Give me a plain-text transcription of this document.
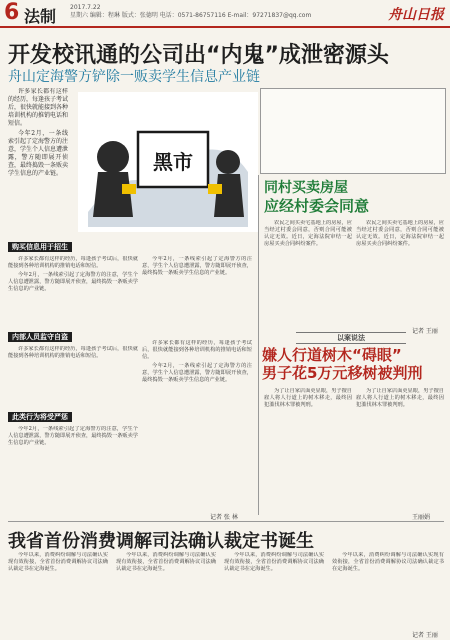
6 法制 2017.7.22
星期六 编辑：程琳 版式：张德明 电话：0571-86757116 E-mail：97271837@qq.com	舟山日报
开发校讯通的公司出“内鬼”成泄密源头
舟山定海警方铲除一贩卖学生信息产业链

许多家长都有这样的经历，每逢孩子考试后，很快就能接到各种培训机构的推销电话和短信。

今年2月，一条线索引起了定海警方的注意，学生个人信息遭泄露，警方随即展开侦查，最终捣毁一条贩卖学生信息的产业链。	黑市
购买信息用于招生

许多家长都有这样的经历，每逢孩子考试后，很快就能接到各种培训机构的推销电话和短信。

今年2月，一条线索引起了定海警方的注意，学生个人信息遭泄露，警方随即展开侦查，最终捣毁一条贩卖学生信息的产业链。

今年2月，一条线索引起了定海警方的注意，学生个人信息遭泄露，警方随即展开侦查，最终捣毁一条贩卖学生信息的产业链。

内部人员监守自盗

许多家长都有这样的经历，每逢孩子考试后，很快就能接到各种培训机构的推销电话和短信。

此类行为将受严惩

今年2月，一条线索引起了定海警方的注意，学生个人信息遭泄露，警方随即展开侦查，最终捣毁一条贩卖学生信息的产业链。

许多家长都有这样的经历，每逢孩子考试后，很快就能接到各种培训机构的推销电话和短信。

今年2月，一条线索引起了定海警方的注意，学生个人信息遭泄露，警方随即展开侦查，最终捣毁一条贩卖学生信息的产业链。

记者 张 林
同村买卖房屋
应经村委会同意

农民之间买卖宅基地上的房屋，应当经过村委会同意，否则合同可能被认定无效。近日，定海法院审结一起房屋买卖合同纠纷案件。

农民之间买卖宅基地上的房屋，应当经过村委会同意，否则合同可能被认定无效。近日，定海法院审结一起房屋买卖合同纠纷案件。

记者 王丽
以案说法
嫌人行道树木“碍眼”
男子花5万元移树被判刑

为了让自家店面更显眼，男子擅自雇人将人行道上的树木移走，最终因犯滥伐林木罪被判刑。

为了让自家店面更显眼，男子擅自雇人将人行道上的树木移走，最终因犯滥伐林木罪被判刑。

王丽娟
我省首份消费调解司法确认裁定书诞生

今年以来，消费纠纷调解与司法确认实现有效衔接，全省首份消费调解协议司法确认裁定书在定海诞生。

今年以来，消费纠纷调解与司法确认实现有效衔接，全省首份消费调解协议司法确认裁定书在定海诞生。

今年以来，消费纠纷调解与司法确认实现有效衔接，全省首份消费调解协议司法确认裁定书在定海诞生。

今年以来，消费纠纷调解与司法确认实现有效衔接，全省首份消费调解协议司法确认裁定书在定海诞生。

记者 王丽
